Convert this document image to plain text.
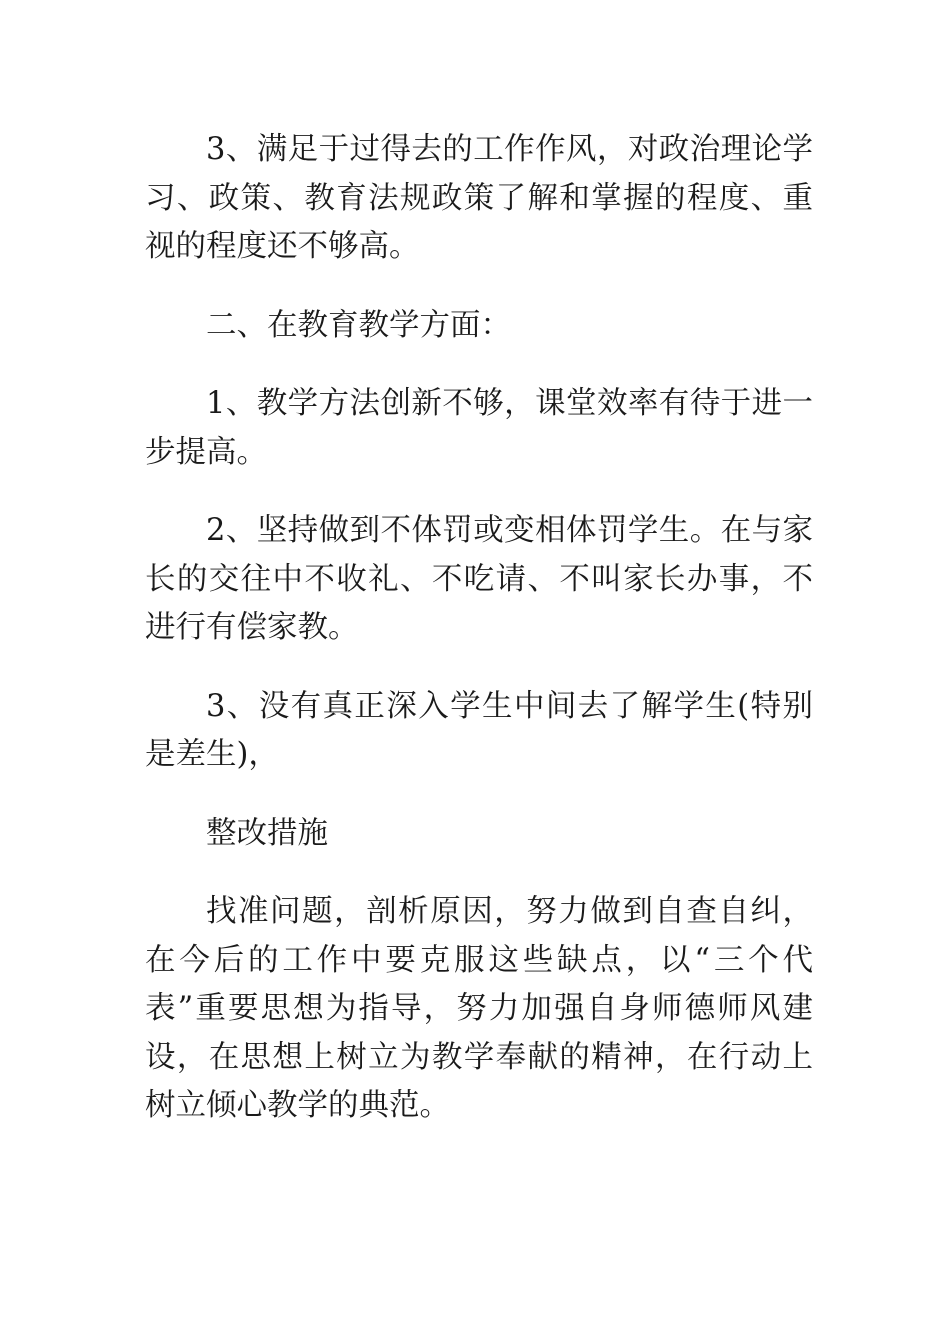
3、满足于过得去的工作作风，对政治理论学习、政策、教育法规政策了解和掌握的程度、重视的程度还不够高。

二、在教育教学方面：

1、教学方法创新不够，课堂效率有待于进一步提高。

2、坚持做到不体罚或变相体罚学生。在与家长的交往中不收礼、不吃请、不叫家长办事，不进行有偿家教。

3、没有真正深入学生中间去了解学生(特别是差生)，

整改措施

找准问题，剖析原因，努力做到自查自纠，在今后的工作中要克服这些缺点，以“三个代表”重要思想为指导，努力加强自身师德师风建设，在思想上树立为教学奉献的精神，在行动上树立倾心教学的典范。
